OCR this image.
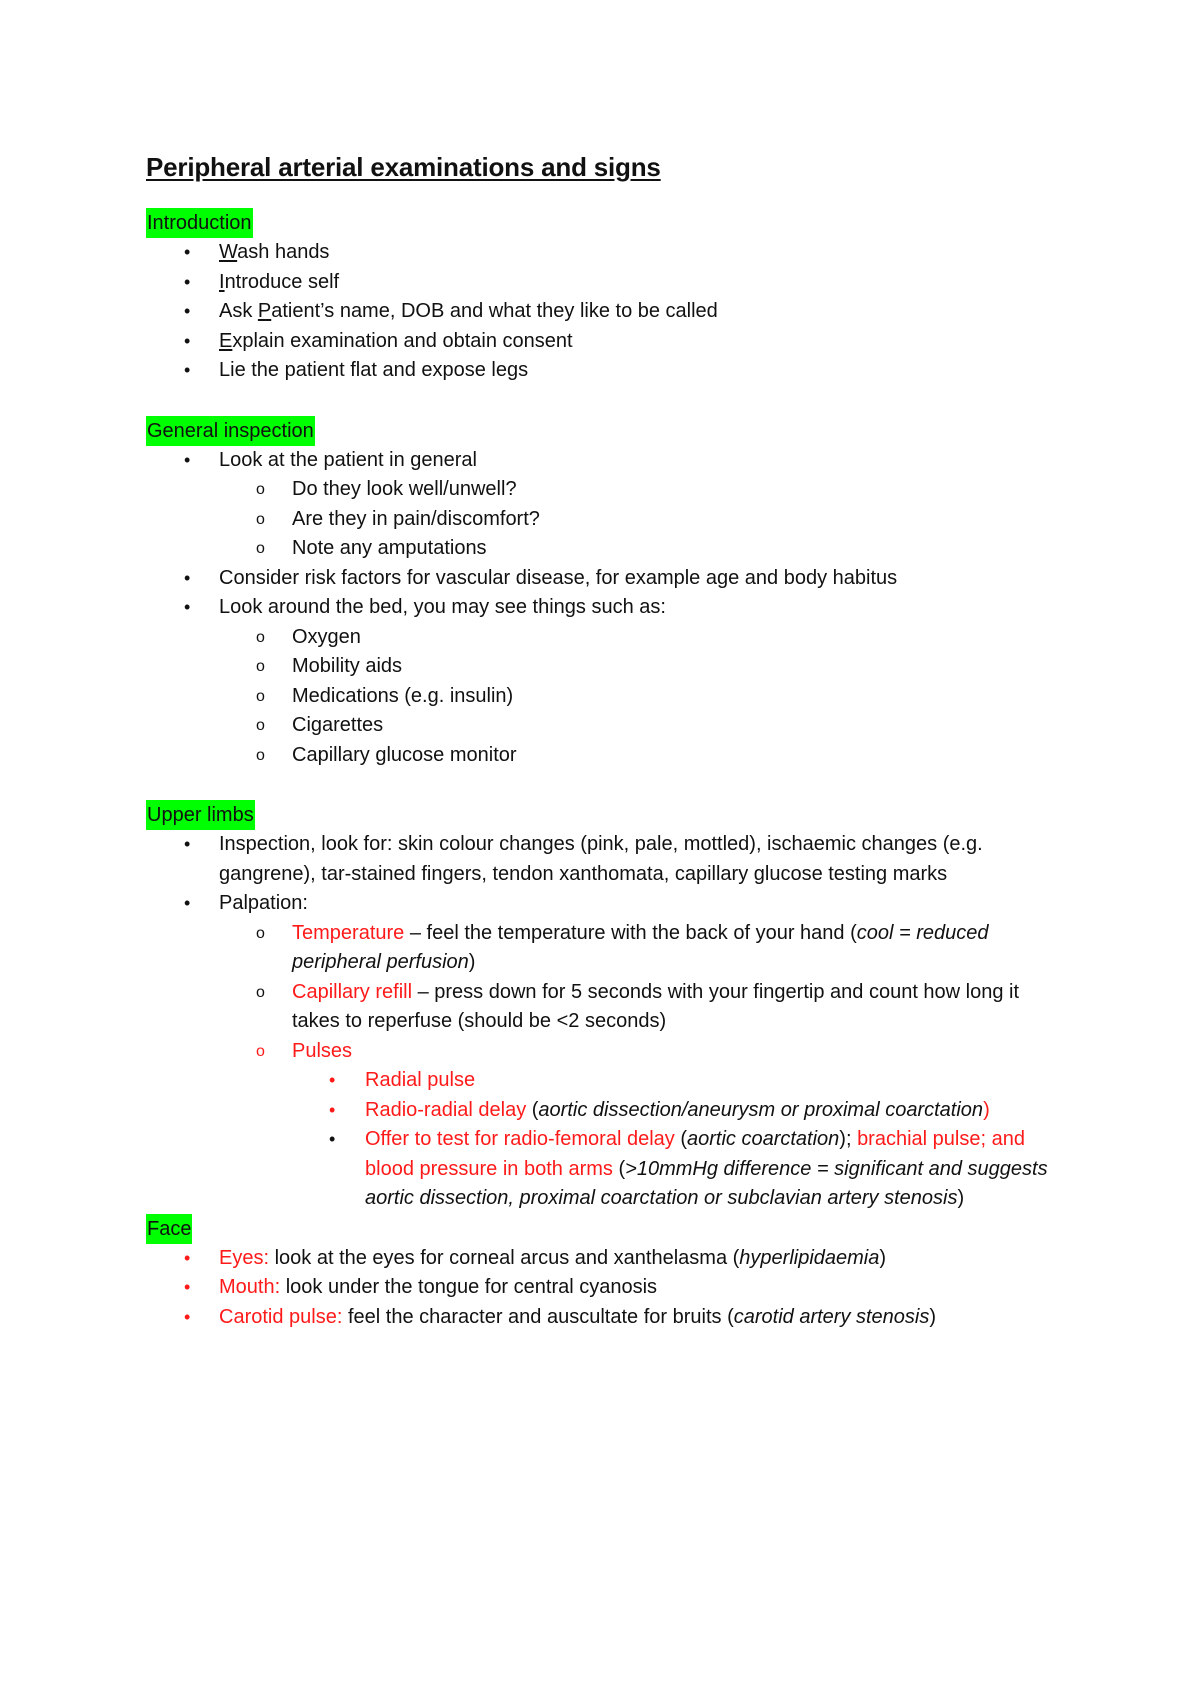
Peripheral arterial examinations and signs
Introduction
• Wash hands
• Introduce self
• Ask Patient’s name, DOB and what they like to be called
• Explain examination and obtain consent
• Lie the patient flat and expose legs
General inspection
• Look at the patient in general
o Do they look well/unwell?
o Are they in pain/discomfort?
o Note any amputations
• Consider risk factors for vascular disease, for example age and body habitus
• Look around the bed, you may see things such as:
o Oxygen
o Mobility aids
o Medications (e.g. insulin)
o Cigarettes
o Capillary glucose monitor
Upper limbs
• Inspection, look for: skin colour changes (pink, pale, mottled), ischaemic changes (e.g. gangrene), tar-stained fingers, tendon xanthomata, capillary glucose testing marks
• Palpation:
o Temperature – feel the temperature with the back of your hand (cool = reduced peripheral perfusion)
o Capillary refill – press down for 5 seconds with your fingertip and count how long it takes to reperfuse (should be <2 seconds)
o Pulses
• Radial pulse
• Radio-radial delay (aortic dissection/aneurysm or proximal coarctation)
• Offer to test for radio-femoral delay (aortic coarctation); brachial pulse; and blood pressure in both arms (>10mmHg difference = significant and suggests aortic dissection, proximal coarctation or subclavian artery stenosis)
Face
• Eyes: look at the eyes for corneal arcus and xanthelasma (hyperlipidaemia)
• Mouth: look under the tongue for central cyanosis
• Carotid pulse: feel the character and auscultate for bruits (carotid artery stenosis)
